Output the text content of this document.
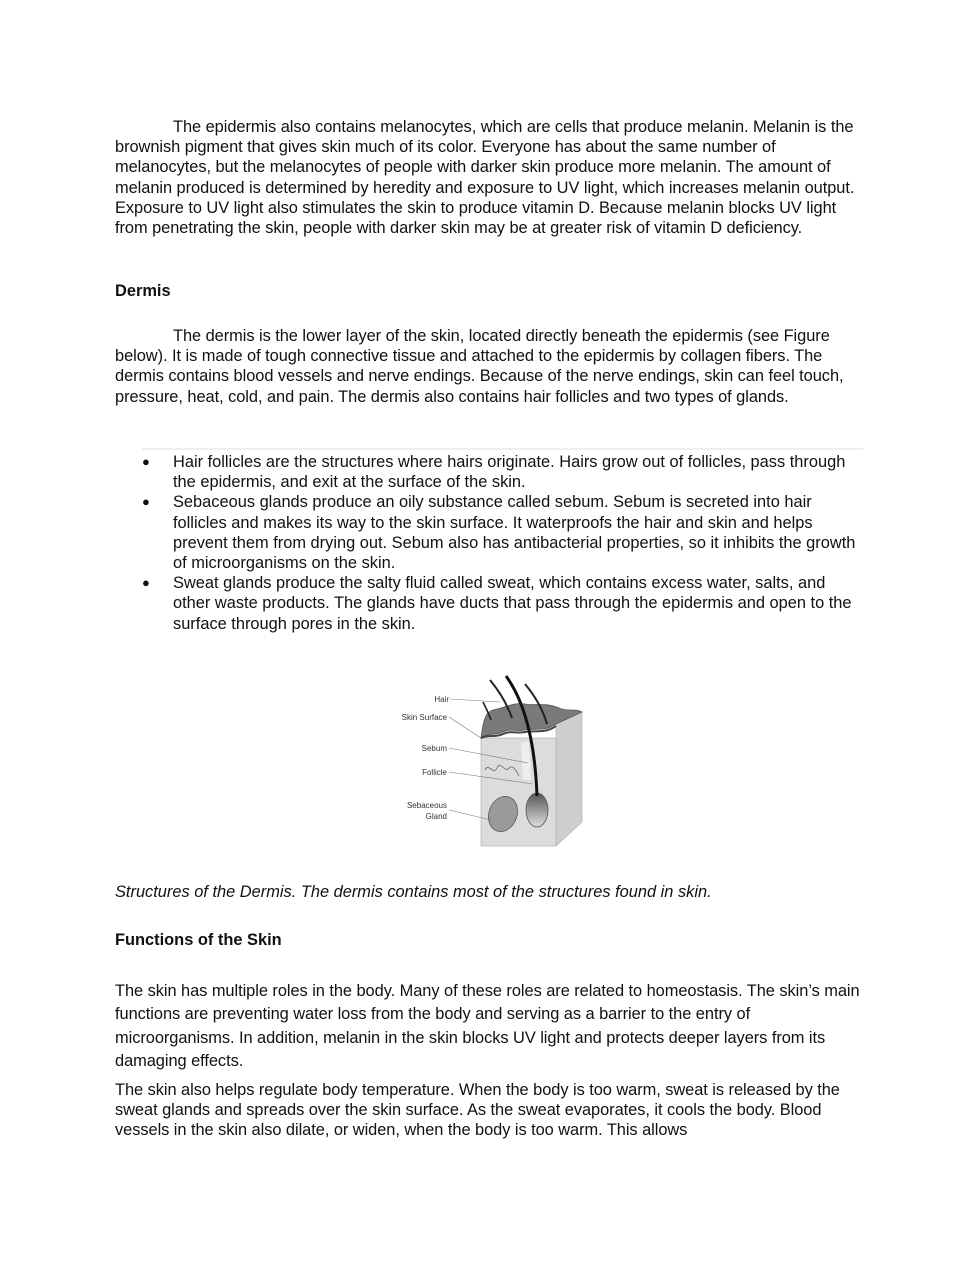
The epidermis also contains melanocytes, which are cells that produce melanin. Melanin is the brownish pigment that gives skin much of its color. Everyone has about the same number of melanocytes, but the melanocytes of people with darker skin produce more melanin. The amount of melanin produced is determined by heredity and exposure to UV light, which increases melanin output. Exposure to UV light also stimulates the skin to produce vitamin D. Because melanin blocks UV light from penetrating the skin, people with darker skin may be at greater risk of vitamin D deficiency.

Dermis

The dermis is the lower layer of the skin, located directly beneath the epidermis (see Figure below). It is made of tough connective tissue and attached to the epidermis by collagen fibers. The dermis contains blood vessels and nerve endings. Because of the nerve endings, skin can feel touch, pressure, heat, cold, and pain. The dermis also contains hair follicles and two types of glands.

● Hair follicles are the structures where hairs originate. Hairs grow out of follicles, pass through the epidermis, and exit at the surface of the skin.
● Sebaceous glands produce an oily substance called sebum. Sebum is secreted into hair follicles and makes its way to the skin surface. It waterproofs the hair and skin and helps prevent them from drying out. Sebum also has antibacterial properties, so it inhibits the growth of microorganisms on the skin.
● Sweat glands produce the salty fluid called sweat, which contains excess water, salts, and other waste products. The glands have ducts that pass through the epidermis and open to the surface through pores in the skin.
Hair
Skin Surface
Sebum
Follicle
Sebaceous
Gland

Structures of the Dermis. The dermis contains most of the structures found in skin.

Functions of the Skin

The skin has multiple roles in the body. Many of these roles are related to homeostasis. The skin’s main functions are preventing water loss from the body and serving as a barrier to the entry of microorganisms. In addition, melanin in the skin blocks UV light and protects deeper layers from its damaging effects.

The skin also helps regulate body temperature. When the body is too warm, sweat is released by the sweat glands and spreads over the skin surface. As the sweat evaporates, it cools the body. Blood vessels in the skin also dilate, or widen, when the body is too warm. This allows
